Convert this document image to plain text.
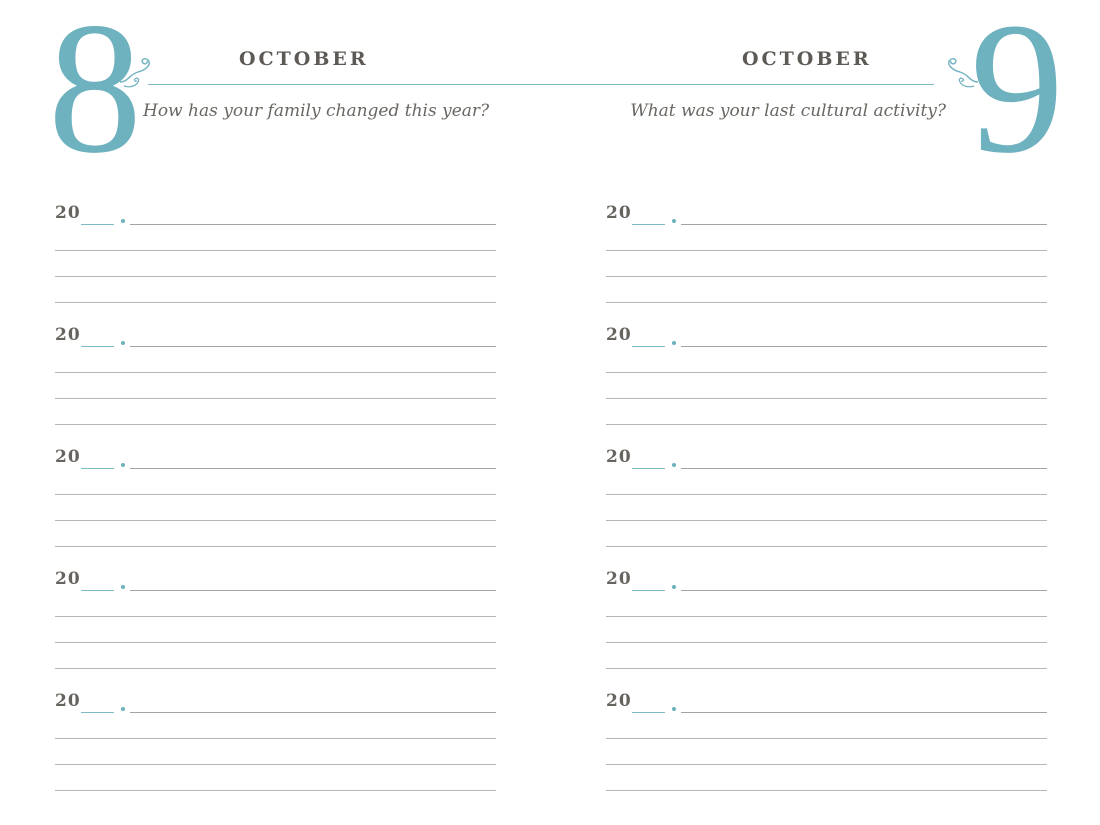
8	OCTOBER
How has your family changed this year?
20
20
20
20
20
9
OCTOBER
What was your last cultural activity?
20
20
20
20
20
